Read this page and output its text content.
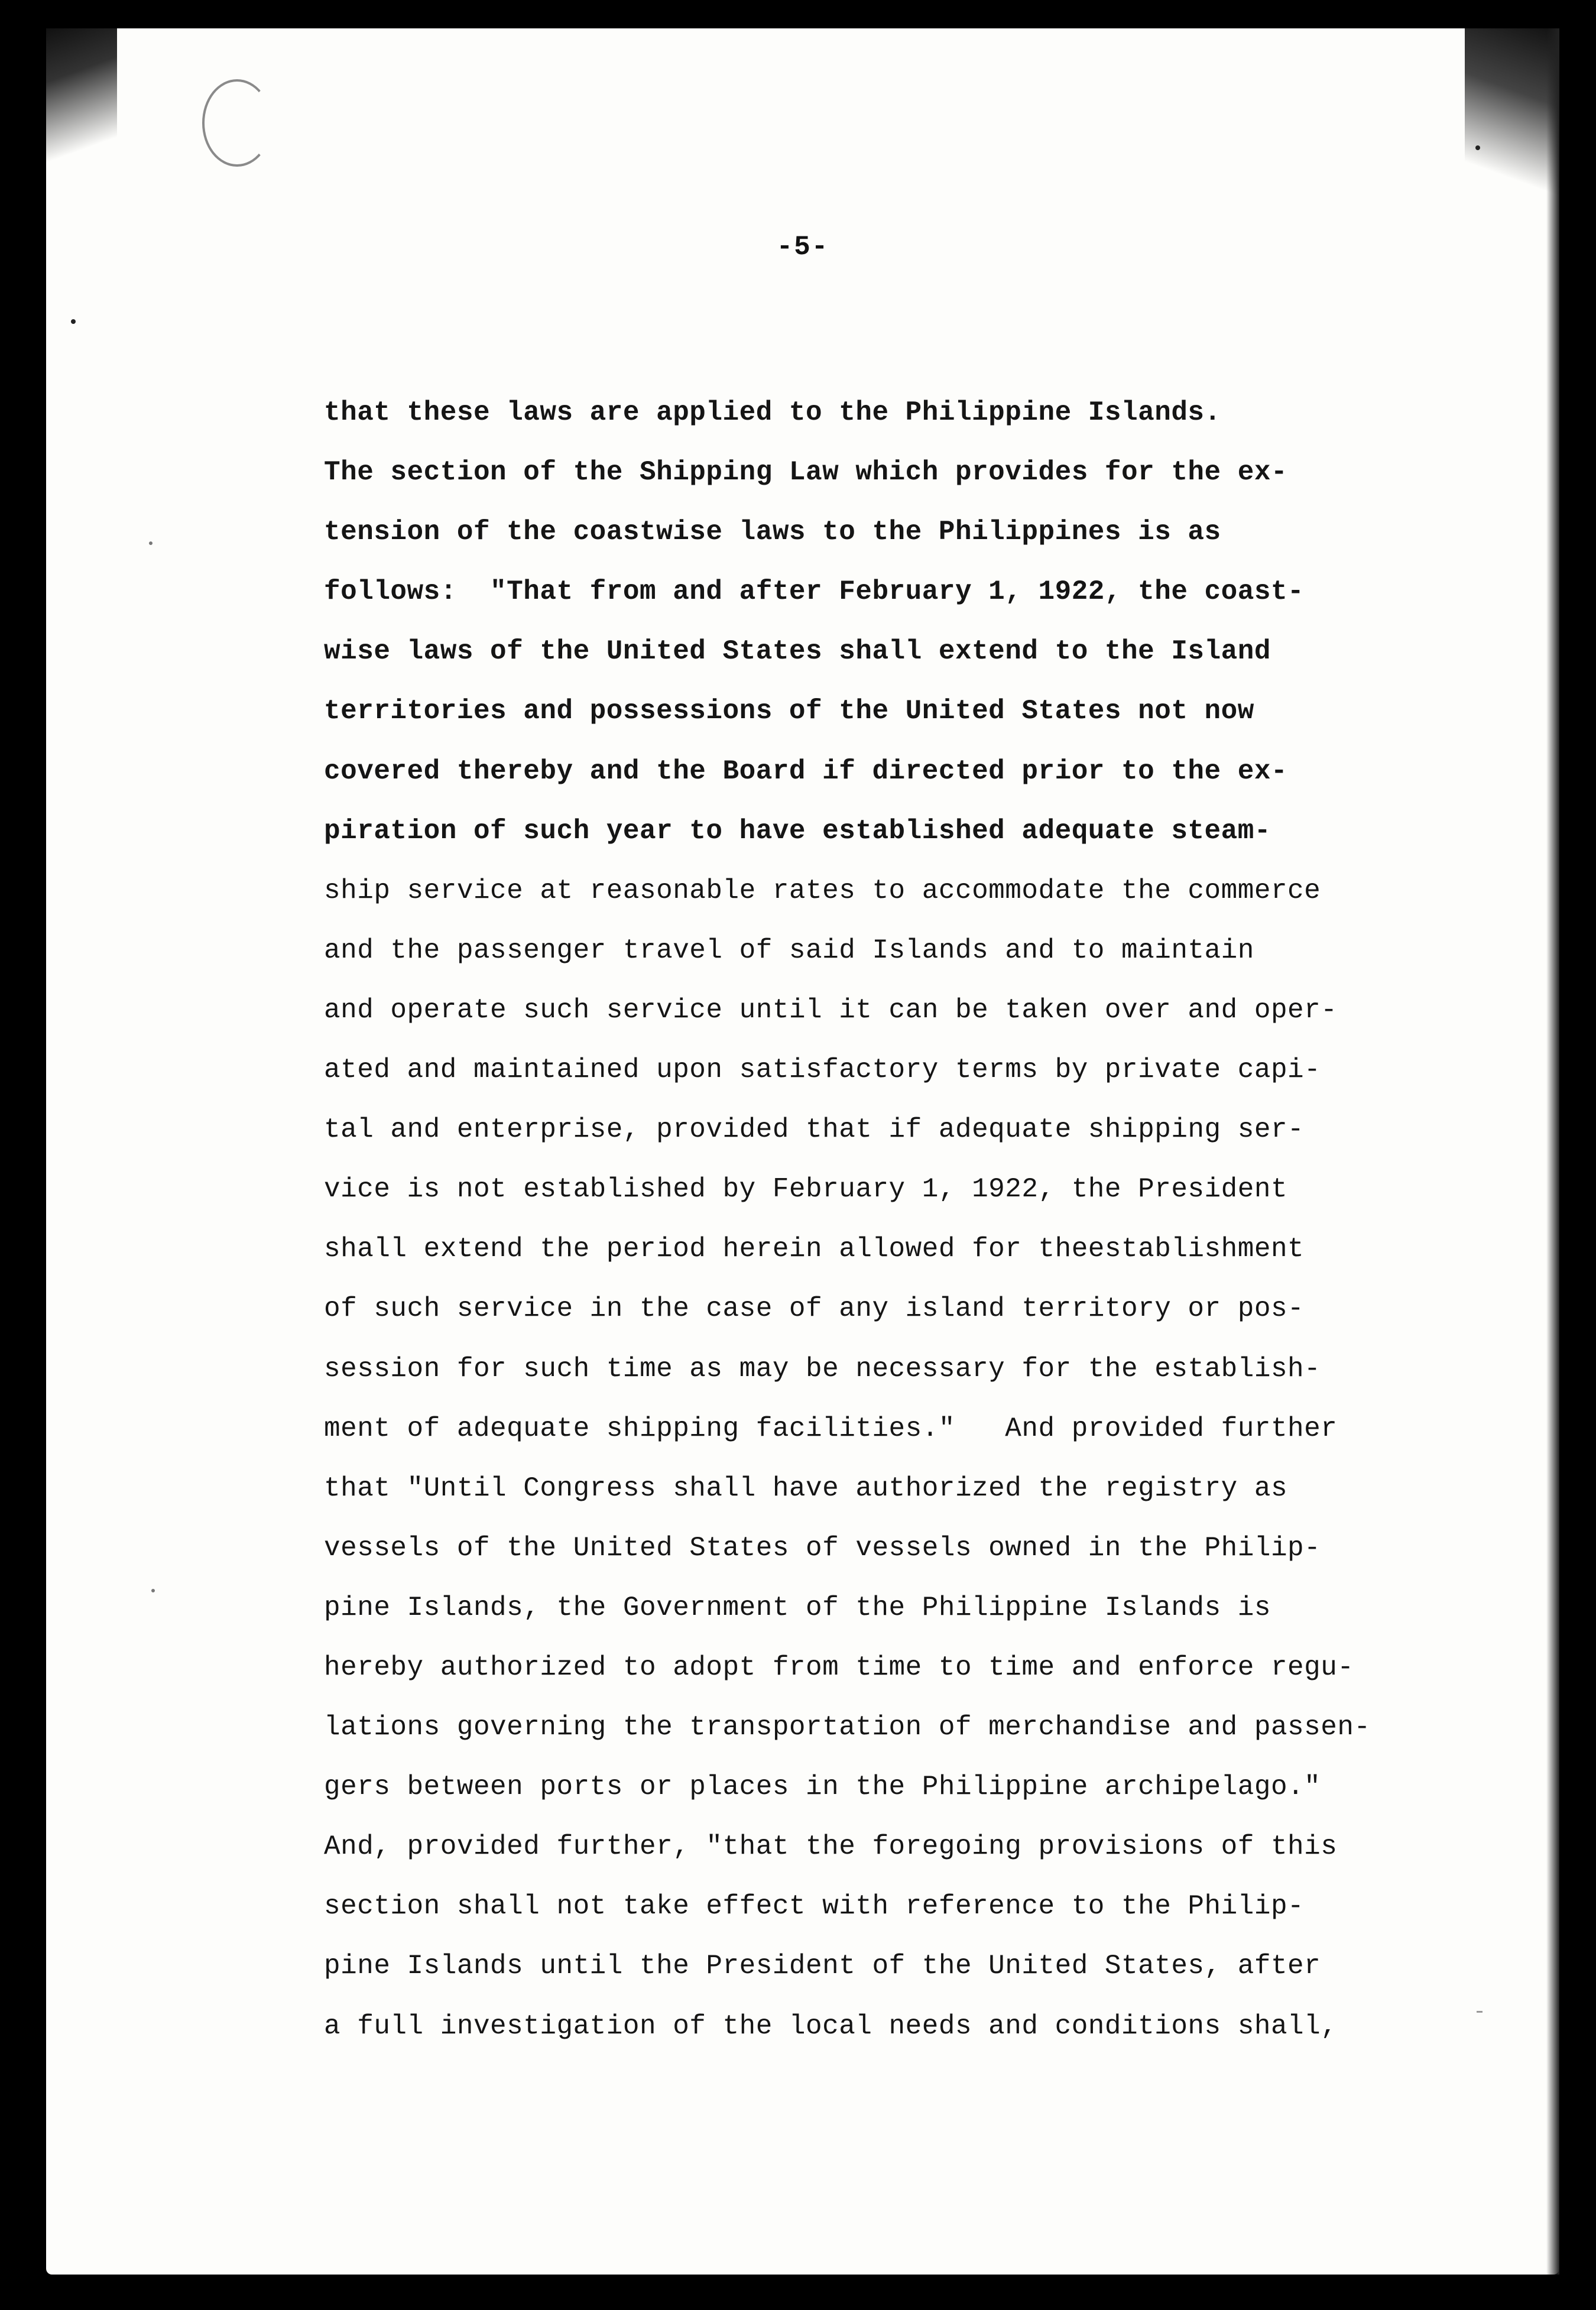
-5-
that these laws are applied to the Philippine Islands.
The section of the Shipping Law which provides for the ex-
tension of the coastwise laws to the Philippines is as
follows:  "That from and after February 1, 1922, the coast-
wise laws of the United States shall extend to the Island
territories and possessions of the United States not now
covered thereby and the Board if directed prior to the ex-
piration of such year to have established adequate steam-
ship service at reasonable rates to accommodate the commerce
and the passenger travel of said Islands and to maintain
and operate such service until it can be taken over and oper-
ated and maintained upon satisfactory terms by private capi-
tal and enterprise, provided that if adequate shipping ser-
vice is not established by February 1, 1922, the President
shall extend the period herein allowed for theestablishment
of such service in the case of any island territory or pos-
session for such time as may be necessary for the establish-
ment of adequate shipping facilities."   And provided further
that "Until Congress shall have authorized the registry as
vessels of the United States of vessels owned in the Philip-
pine Islands, the Government of the Philippine Islands is
hereby authorized to adopt from time to time and enforce regu-
lations governing the transportation of merchandise and passen-
gers between ports or places in the Philippine archipelago."
And, provided further, "that the foregoing provisions of this
section shall not take effect with reference to the Philip-
pine Islands until the President of the United States, after
a full investigation of the local needs and conditions shall,
